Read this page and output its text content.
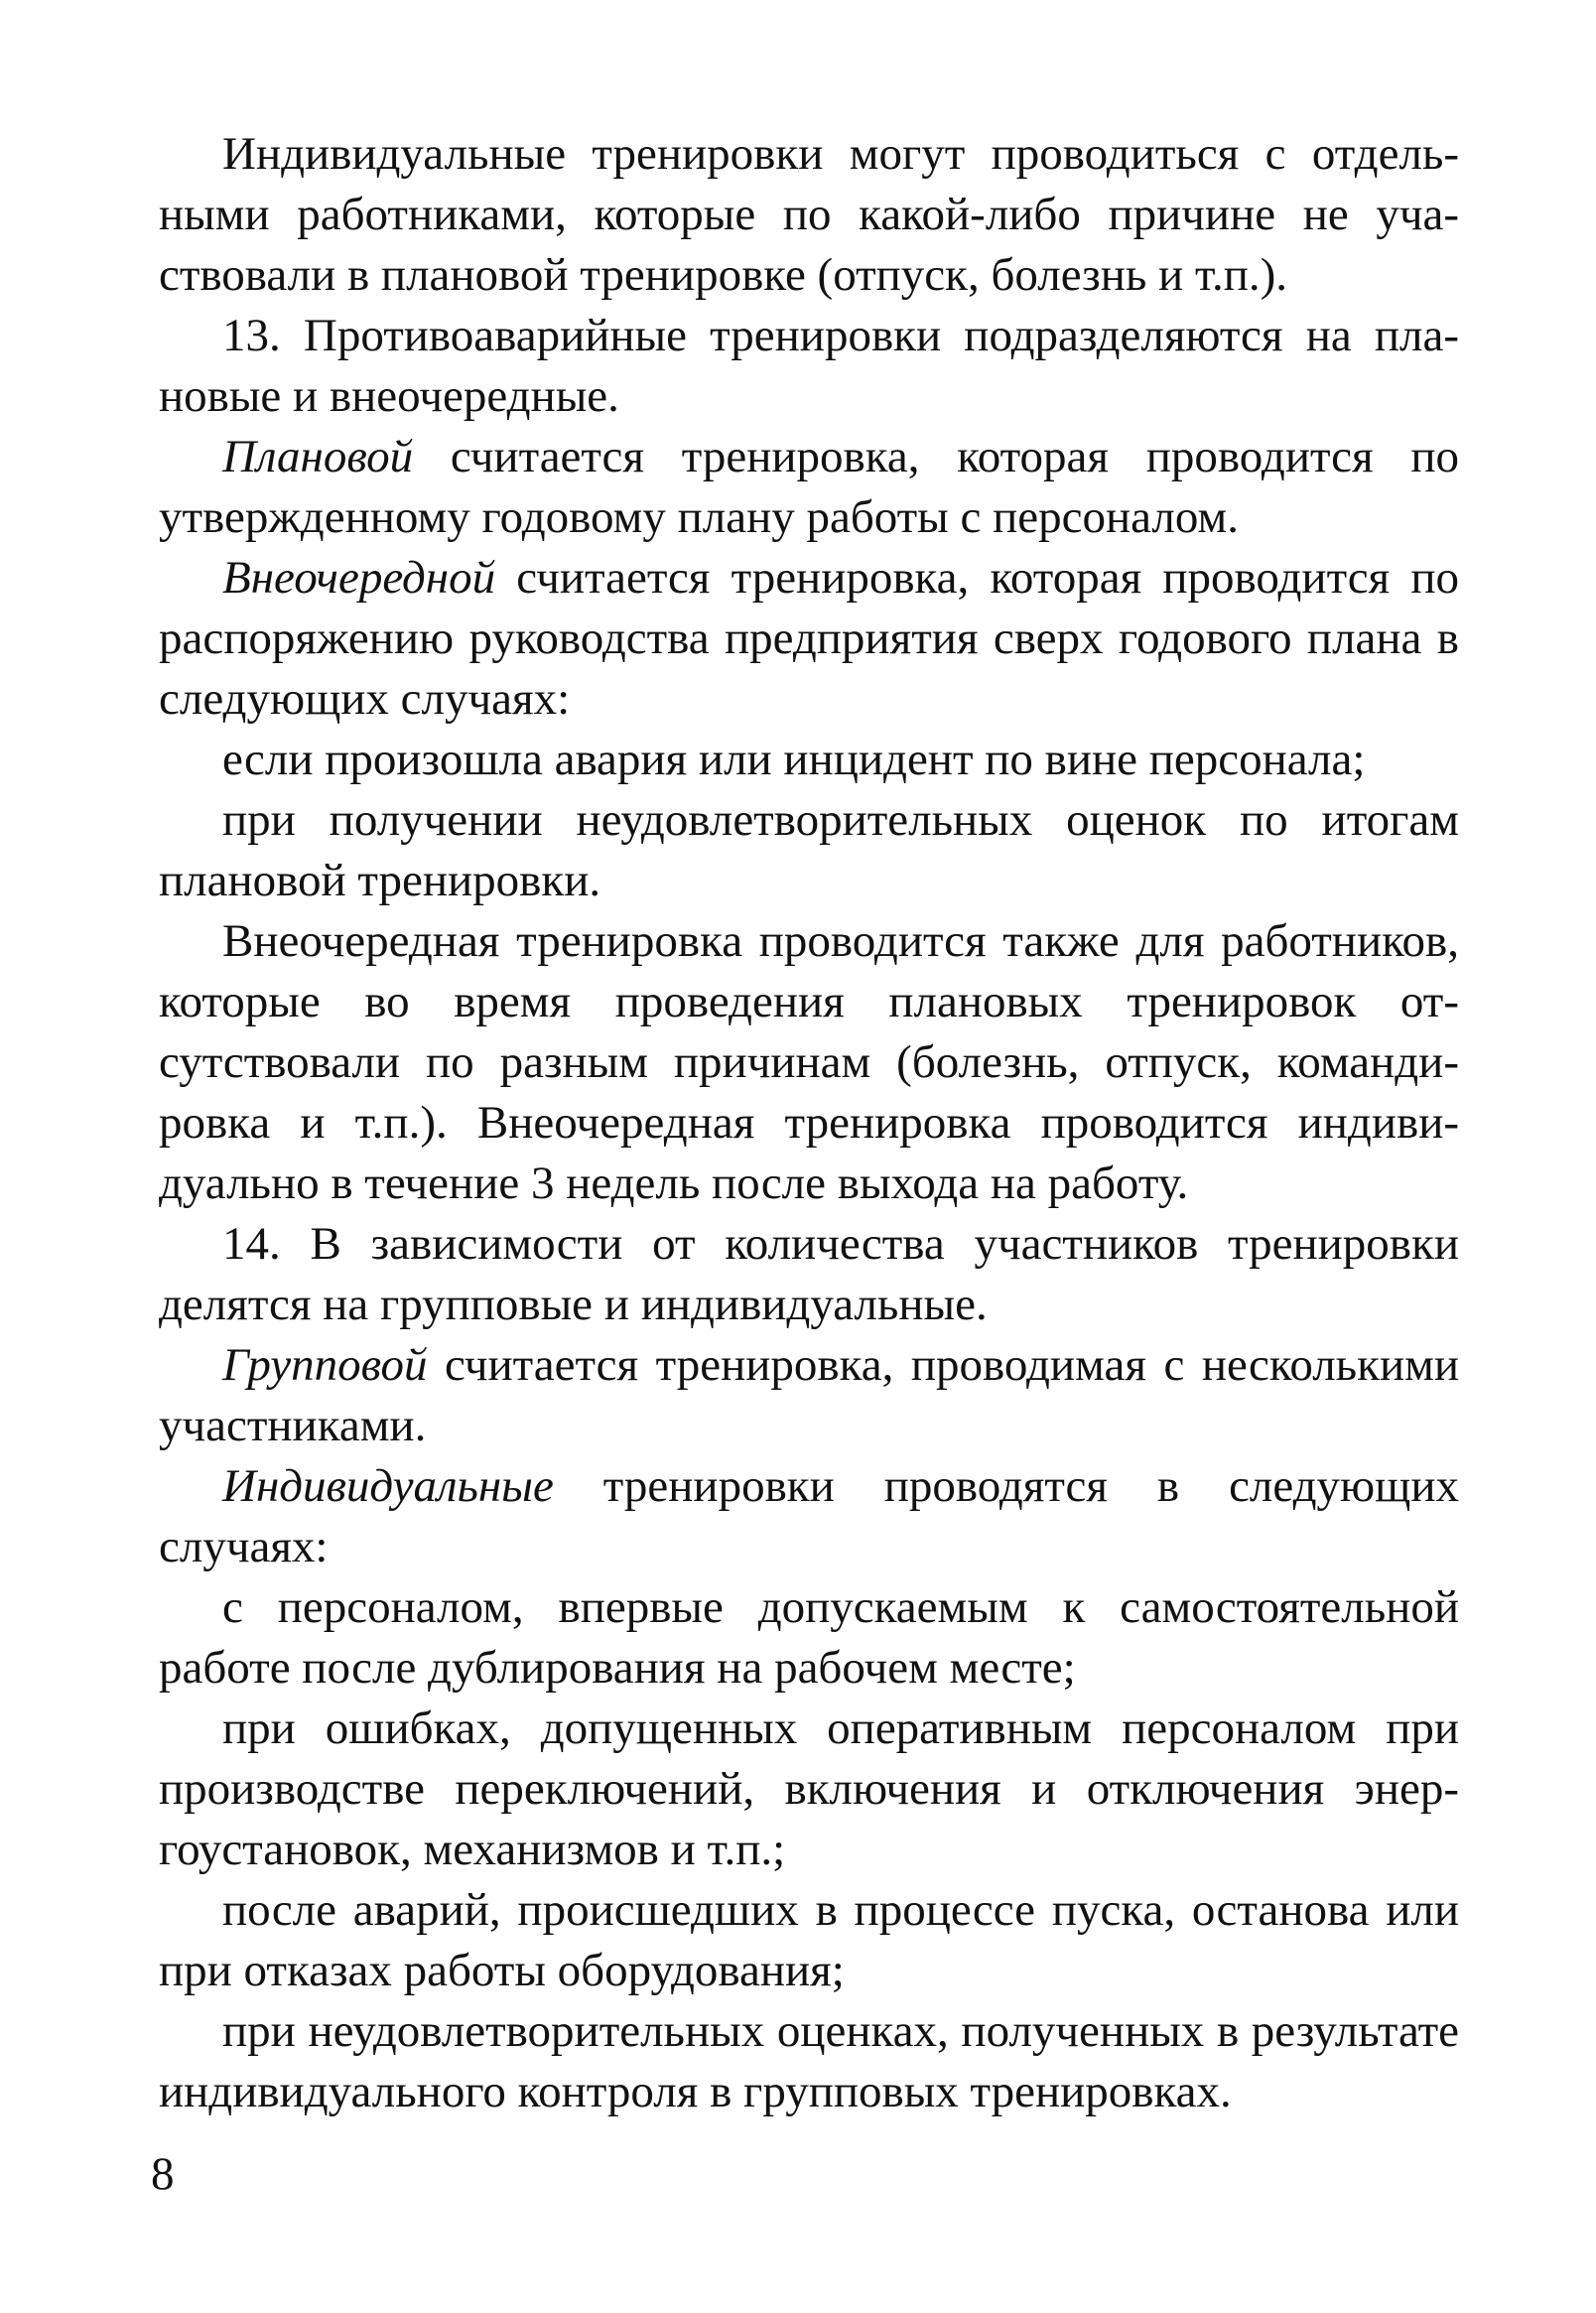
Индивидуальные тренировки могут проводиться с отдельными работниками, которые по какой-либо причине не участвовали в плановой тренировке (отпуск, болезнь и т.п.).

13. Противоаварийные тренировки подразделяются на плановые и внеочередные.

Плановой считается тренировка, которая проводится по утвержденному годовому плану работы с персоналом.

Внеочередной считается тренировка, которая проводится по распоряжению руководства предприятия сверх годового плана в следующих случаях:

если произошла авария или инцидент по вине персонала;

при получении неудовлетворительных оценок по итогам плановой тренировки.

Внеочередная тренировка проводится также для работников, которые во время проведения плановых тренировок отсутствовали по разным причинам (болезнь, отпуск, командировка и т.п.). Внеочередная тренировка проводится индивидуально в течение 3 недель после выхода на работу.

14. В зависимости от количества участников тренировки делятся на групповые и индивидуальные.

Групповой считается тренировка, проводимая с несколькими участниками.

Индивидуальные тренировки проводятся в следующих случаях:

с персоналом, впервые допускаемым к самостоятельной работе после дублирования на рабочем месте;

при ошибках, допущенных оперативным персоналом при производстве переключений, включения и отключения энергоустановок, механизмов и т.п.;

после аварий, происшедших в процессе пуска, останова или при отказах работы оборудования;

при неудовлетворительных оценках, полученных в результате индивидуального контроля в групповых тренировках.

8
